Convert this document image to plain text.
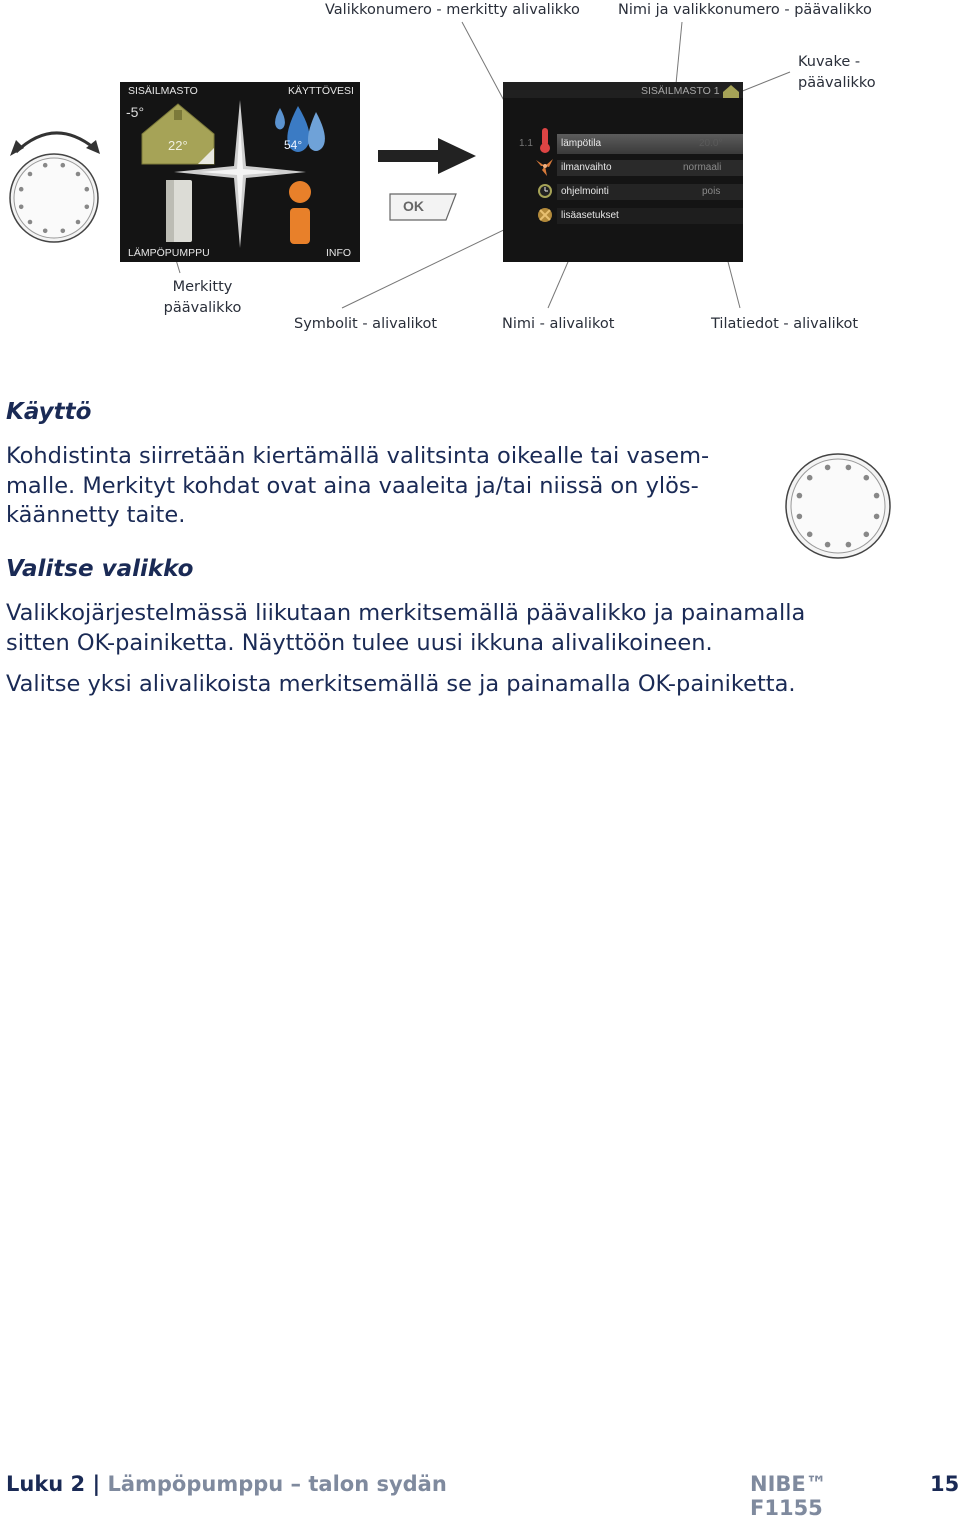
Valikkonumero - merkitty alivalikko	Nimi ja valikkonumero - päävalikko
Kuvake -
päävalikko
Merkitty
päävalikko
Symbolit - alivalikot	Nimi - alivalikot	Tilatiedot - alivalikot
SISÄILMASTO	KÄYTTÖVESI
LÄMPÖPUMPPU	INFO
-5°
22°	54°
OK
SISÄILMASTO 1
1.1	lämpötila	20.0°
ilmanvaihto	normaali
ohjelmointi	pois
lisäasetukset
Käyttö
Kohdistinta siirretään kiertämällä valitsinta oikealle tai vasem-
malle. Merkityt kohdat ovat aina vaaleita ja/tai niissä on ylös-
käännetty taite.
Valitse valikko
Valikkojärjestelmässä liikutaan merkitsemällä päävalikko ja painamalla
sitten OK-painiketta. Näyttöön tulee uusi ikkuna alivalikoineen.
Valitse yksi alivalikoista merkitsemällä se ja painamalla OK-painiketta.
Luku 2 | Lämpöpumppu – talon sydän	NIBE™ F1155
15
